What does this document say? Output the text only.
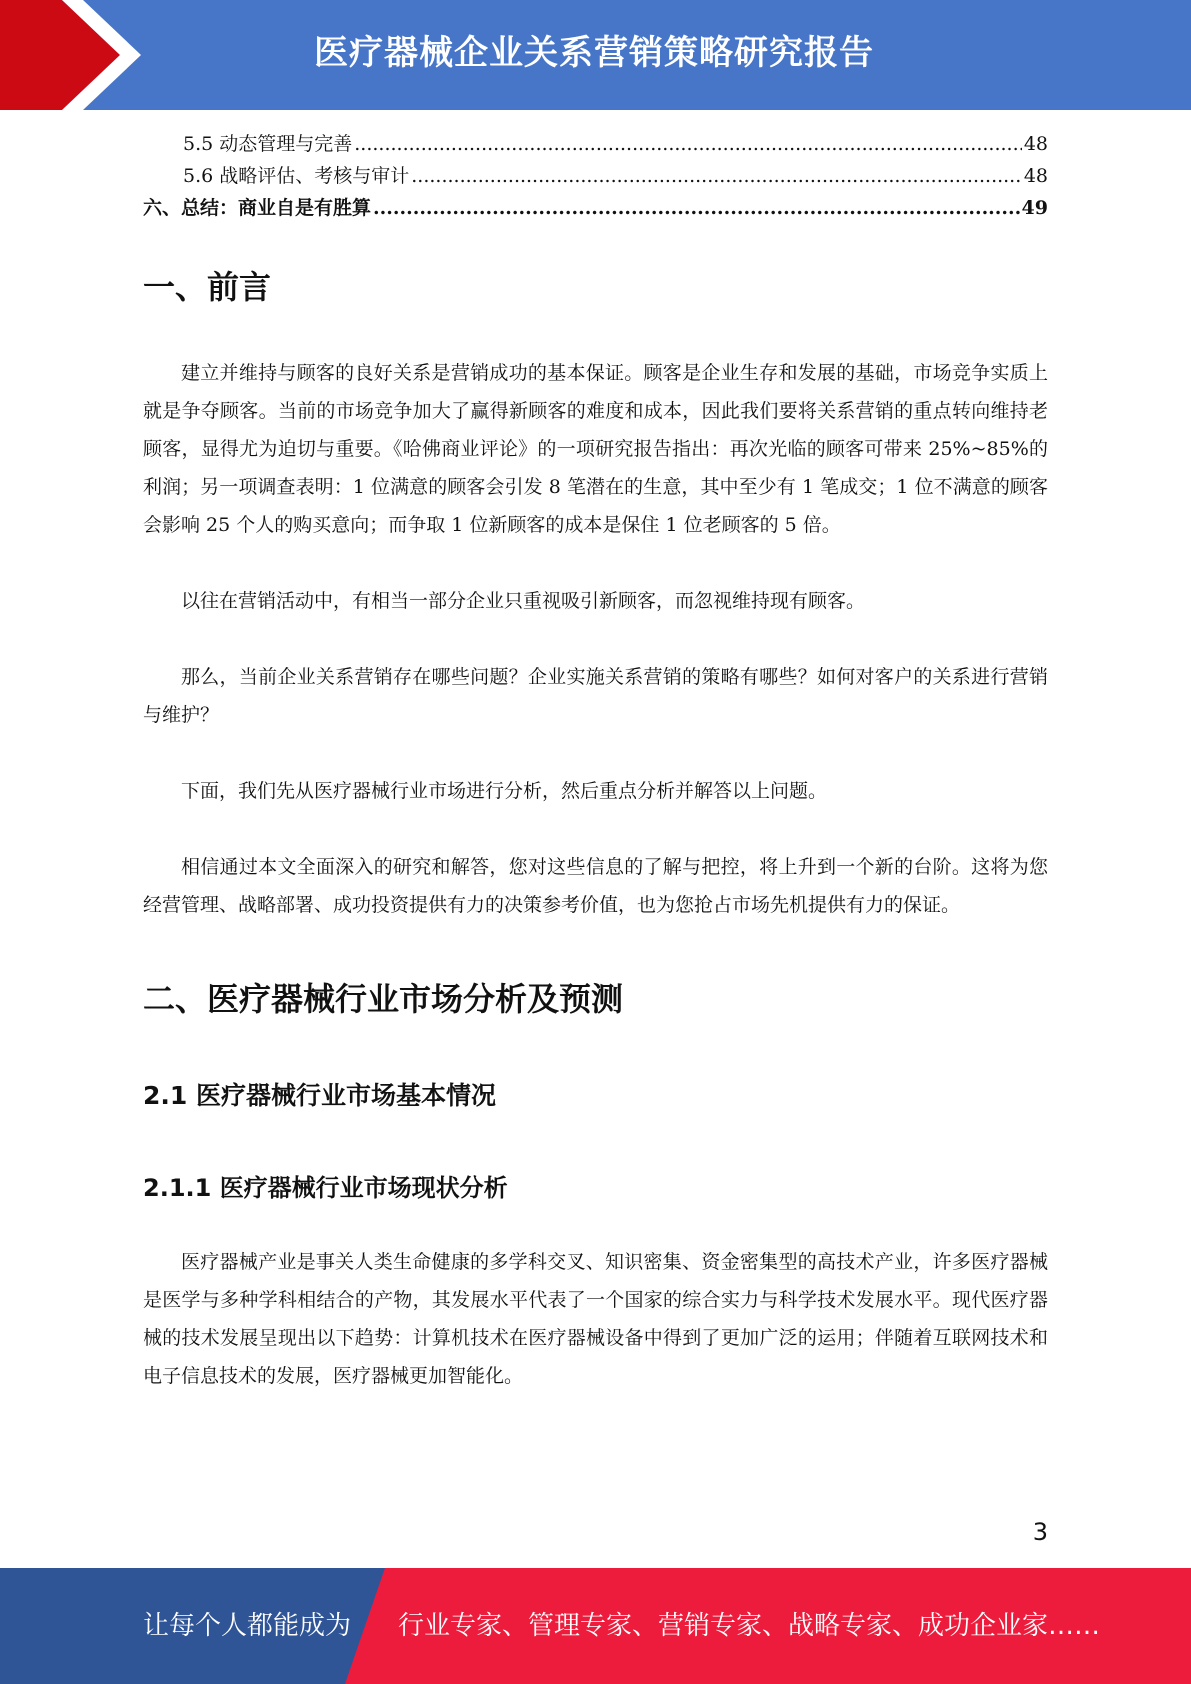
医疗器械企业关系营销策略研究报告
5.5 动态管理与完善 .....	48
5.6 战略评估、考核与审计 .....	48
六、总结：商业自是有胜算 .....	49
一、前言

建立并维持与顾客的良好关系是营销成功的基本保证。顾客是企业生存和发展的基础，市场竞争实质上就是争夺顾客。当前的市场竞争加大了赢得新顾客的难度和成本，因此我们要将关系营销的重点转向维持老顾客，显得尤为迫切与重要。《哈佛商业评论》的一项研究报告指出：再次光临的顾客可带来 25%~85%的利润；另一项调查表明：1 位满意的顾客会引发 8 笔潜在的生意，其中至少有 1 笔成交；1 位不满意的顾客会影响 25 个人的购买意向；而争取 1 位新顾客的成本是保住 1 位老顾客的 5 倍。

以往在营销活动中，有相当一部分企业只重视吸引新顾客，而忽视维持现有顾客。

那么，当前企业关系营销存在哪些问题？企业实施关系营销的策略有哪些？如何对客户的关系进行营销与维护？

下面，我们先从医疗器械行业市场进行分析，然后重点分析并解答以上问题。

相信通过本文全面深入的研究和解答，您对这些信息的了解与把控，将上升到一个新的台阶。这将为您经营管理、战略部署、成功投资提供有力的决策参考价值，也为您抢占市场先机提供有力的保证。

二、医疗器械行业市场分析及预测
2.1 医疗器械行业市场基本情况
2.1.1 医疗器械行业市场现状分析

医疗器械产业是事关人类生命健康的多学科交叉、知识密集、资金密集型的高技术产业，许多医疗器械是医学与多种学科相结合的产物，其发展水平代表了一个国家的综合实力与科学技术发展水平。现代医疗器械的技术发展呈现出以下趋势：计算机技术在医疗器械设备中得到了更加广泛的运用；伴随着互联网技术和电子信息技术的发展，医疗器械更加智能化。

3
让每个人都能成为 行业专家、管理专家、营销专家、战略专家、成功企业家……
